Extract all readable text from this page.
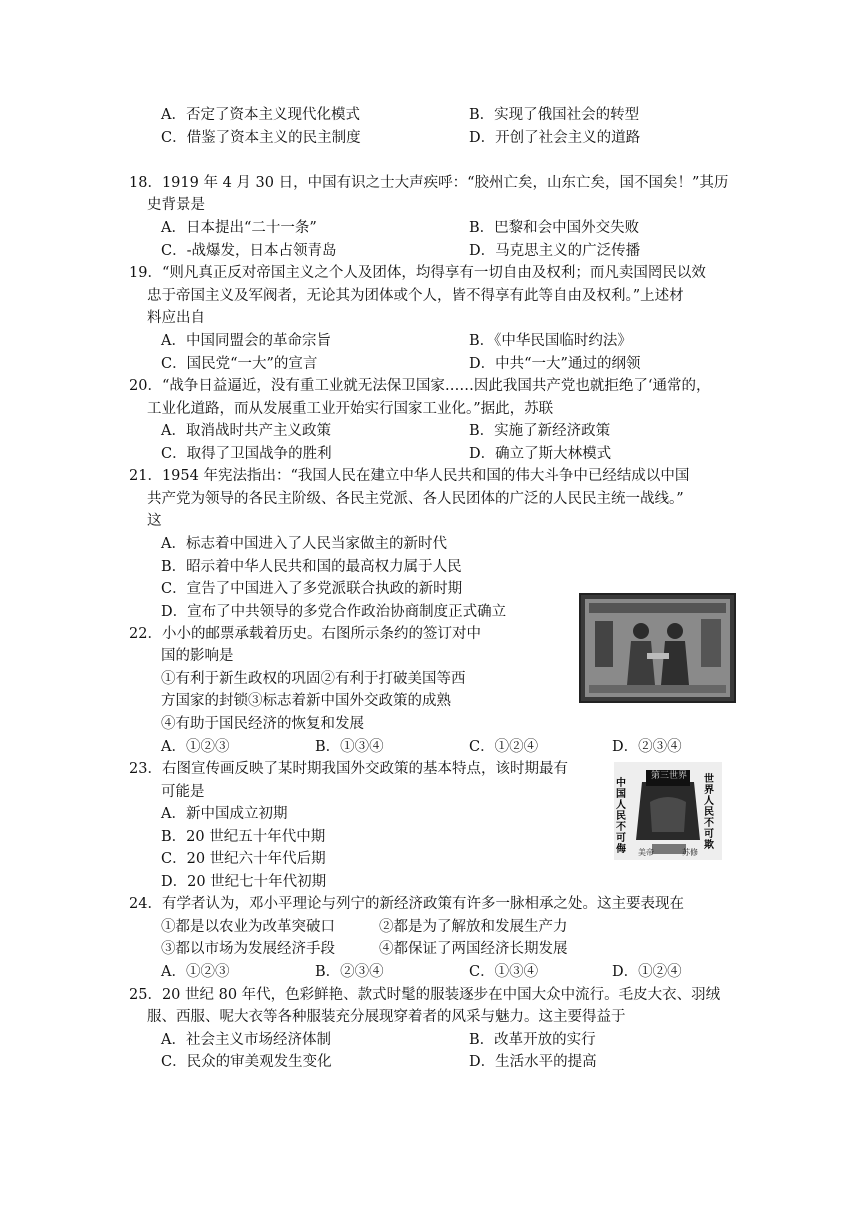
A．否定了资本主义现代化模式	B．实现了俄国社会的转型
C．借鉴了资本主义的民主制度	D．开创了社会主义的道路
18．1919 年 4 月 30 日，中国有识之士大声疾呼：“胶州亡矣，山东亡矣，国不国矣！”其历
史背景是
A．日本提出“二十一条”	B．巴黎和会中国外交失败
C．-战爆发，日本占领青岛	D．马克思主义的广泛传播
19．“则凡真正反对帝国主义之个人及团体，均得享有一切自由及权利；而凡卖国罔民以效
忠于帝国主义及军阀者，无论其为团体或个人，皆不得享有此等自由及权利。”上述材
料应出自
A．中国同盟会的革命宗旨	B．《中华民国临时约法》
C．国民党“一大”的宣言	D．中共“一大”通过的纲领
20．“战争日益逼近，没有重工业就无法保卫国家……因此我国共产党也就拒绝了‘通常的，
工业化道路，而从发展重工业开始实行国家工业化。”据此，苏联
A．取消战时共产主义政策	B．实施了新经济政策
C．取得了卫国战争的胜利	D．确立了斯大林模式
21．1954 年宪法指出：“我国人民在建立中华人民共和国的伟大斗争中已经结成以中国
共产党为领导的各民主阶级、各民主党派、各人民团体的广泛的人民民主统一战线。”
这
A．标志着中国进入了人民当家做主的新时代
B．昭示着中华人民共和国的最高权力属于人民
C．宣告了中国进入了多党派联合执政的新时期
D．宣布了中共领导的多党合作政治协商制度正式确立
22．小小的邮票承载着历史。右图所示条约的签订对中
国的影响是
①有利于新生政权的巩固②有利于打破美国等西
方国家的封锁③标志着新中国外交政策的成熟
④有助于国民经济的恢复和发展
A．①②③	B．①③④	C．①②④	D．②③④
中国人民不可侮
第三世界	世界人民不可欺
美帝	苏修
23．右图宣传画反映了某时期我国外交政策的基本特点，该时期最有
可能是
A．新中国成立初期
B．20 世纪五十年代中期
C．20 世纪六十年代后期
D．20 世纪七十年代初期
24．有学者认为，邓小平理论与列宁的新经济政策有许多一脉相承之处。这主要表现在
①都是以农业为改革突破口	②都是为了解放和发展生产力
③都以市场为发展经济手段	④都保证了两国经济长期发展
A．①②③	B．②③④	C．①③④	D．①②④
25．20 世纪 80 年代，色彩鲜艳、款式时髦的服装逐步在中国大众中流行。毛皮大衣、羽绒
服、西服、呢大衣等各种服装充分展现穿着者的风采与魅力。这主要得益于
A．社会主义市场经济体制	B．改革开放的实行
C．民众的审美观发生变化	D．生活水平的提高
